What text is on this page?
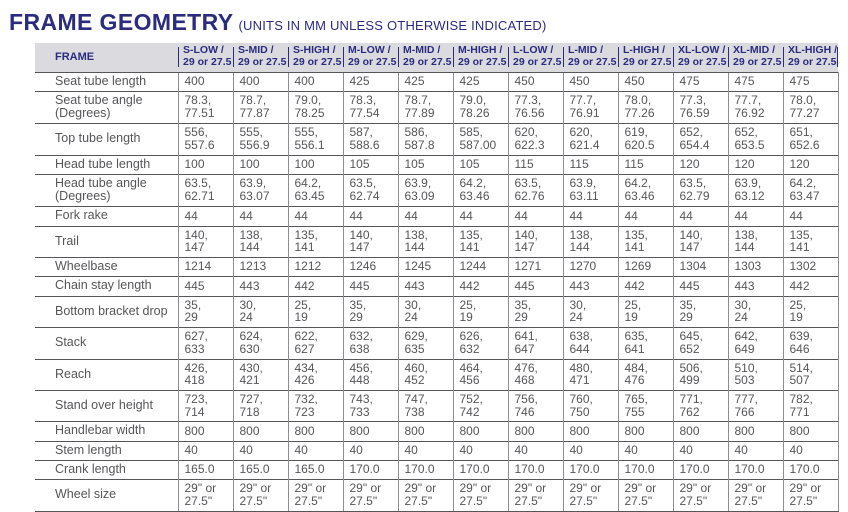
FRAME GEOMETRY (UNITS IN MM UNLESS OTHERWISE INDICATED)
FRAME	S-LOW / 29 or 27.5	S-MID / 29 or 27.5	S-HIGH / 29 or 27.5	M-LOW / 29 or 27.5	M-MID / 29 or 27.5	M-HIGH / 29 or 27.5	L-LOW / 29 or 27.5	L-MID / 29 or 27.5	L-HIGH / 29 or 27.5	XL-LOW / 29 or 27.5	XL-MID / 29 or 27.5	XL-HIGH / 29 or 27.5
Seat tube length	400	400	400	425	425	425	450	450	450	475	475	475
Seat tube angle (Degrees)	78.3,
77.51	78.7,
77.87	79.0,
78.25	78.3,
77.54	78.7,
77.89	79.0,
78.26	77.3,
76.56	77.7,
76.91	78.0,
77.26	77.3,
76.59	77.7,
76.92	78.0,
77.27
Top tube length	556,
557.6	555,
556.9	555,
556.1	587,
588.6	586,
587.8	585,
587.00	620,
622.3	620,
621.4	619,
620.5	652,
654.4	652,
653.5	651,
652.6
Head tube length	100	100	100	105	105	105	115	115	115	120	120	120
Head tube angle (Degrees)	63.5,
62.71	63.9,
63.07	64.2,
63.45	63.5,
62.74	63.9,
63.09	64.2,
63.46	63.5,
62.76	63.9,
63.11	64.2,
63.46	63.5,
62.79	63.9,
63.12	64.2,
63.47
Fork rake	44	44	44	44	44	44	44	44	44	44	44	44
Trail	140,
147	138,
144	135,
141	140,
147	138,
144	135,
141	140,
147	138,
144	135,
141	140,
147	138,
144	135,
141
Wheelbase	1214	1213	1212	1246	1245	1244	1271	1270	1269	1304	1303	1302
Chain stay length	445	443	442	445	443	442	445	443	442	445	443	442
Bottom bracket drop	35,
29	30,
24	25,
19	35,
29	30,
24	25,
19	35,
29	30,
24	25,
19	35,
29	30,
24	25,
19
Stack	627,
633	624,
630	622,
627	632,
638	629,
635	626,
632	641,
647	638,
644	635,
641	645,
652	642,
649	639,
646
Reach	426,
418	430,
421	434,
426	456,
448	460,
452	464,
456	476,
468	480,
471	484,
476	506,
499	510,
503	514,
507
Stand over height	723,
714	727,
718	732,
723	743,
733	747,
738	752,
742	756,
746	760,
750	765,
755	771,
762	777,
766	782,
771
Handlebar width	800	800	800	800	800	800	800	800	800	800	800	800
Stem length	40	40	40	40	40	40	40	40	40	40	40	40
Crank length	165.0	165.0	165.0	170.0	170.0	170.0	170.0	170.0	170.0	170.0	170.0	170.0
Wheel size	29" or
27.5"	29" or
27.5"	29" or
27.5"	29" or
27.5"	29" or
27.5"	29" or
27.5"	29" or
27.5"	29" or
27.5"	29" or
27.5"	29" or
27.5"	29" or
27.5"	29" or
27.5"
